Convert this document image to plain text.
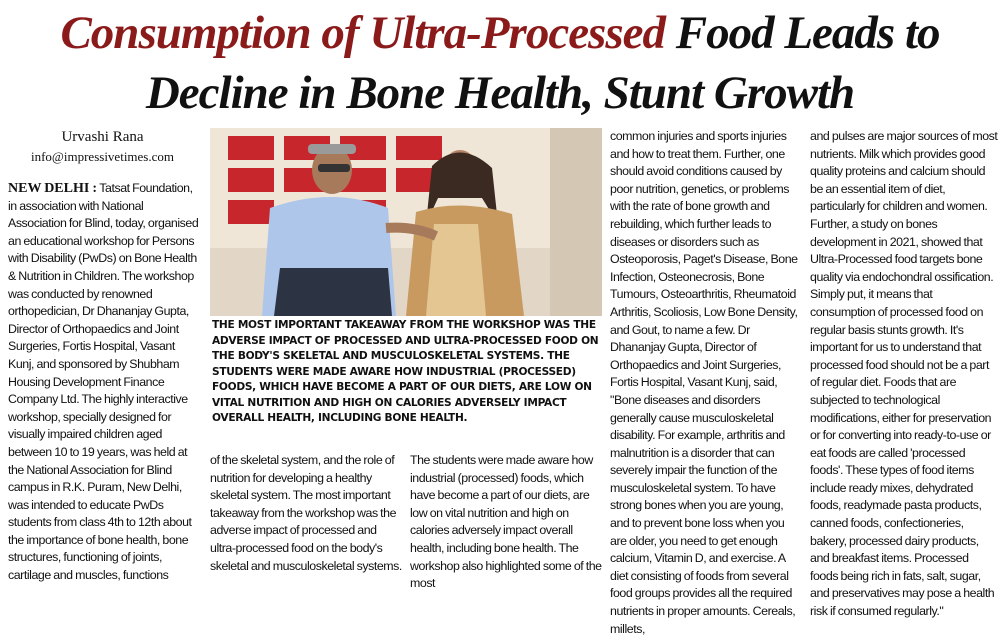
Consumption of Ultra-Processed Food Leads to
Decline in Bone Health, Stunt Growth
Urvashi Rana
info@impressivetimes.com

NEW DELHI : Tatsat Foundation, in association with National Association for Blind, today, organised an educational workshop for Persons with Disability (PwDs) on Bone Health & Nutrition in Children. The workshop was conducted by renowned orthopedician, Dr Dhananjay Gupta, Director of Orthopaedics and Joint Surgeries, Fortis Hospital, Vasant Kunj, and sponsored by Shubham Housing Development Finance Company Ltd. The highly interactive workshop, specially designed for visually impaired children aged between 10 to 19 years, was held at the National Association for Blind campus in R.K. Puram, New Delhi, was intended to educate PwDs students from class 4th to 12th about the importance of bone health, bone structures, functioning of joints, cartilage and muscles, functions

THE MOST IMPORTANT TAKEAWAY FROM THE WORKSHOP WAS THE ADVERSE IMPACT OF PROCESSED AND ULTRA-PROCESSED FOOD ON THE BODY'S SKELETAL AND MUSCULOSKELETAL SYSTEMS. THE STUDENTS WERE MADE AWARE HOW INDUSTRIAL (PROCESSED) FOODS, WHICH HAVE BECOME A PART OF OUR DIETS, ARE LOW ON VITAL NUTRITION AND HIGH ON CALORIES ADVERSELY IMPACT OVERALL HEALTH, INCLUDING BONE HEALTH.

of the skeletal system, and the role of nutrition for developing a healthy skeletal system. The most important takeaway from the workshop was the adverse impact of processed and ultra-processed food on the body's skeletal and musculoskeletal systems.

The students were made aware how industrial (processed) foods, which have become a part of our diets, are low on vital nutrition and high on calories adversely impact overall health, including bone health. The workshop also highlighted some of the most

common injuries and sports injuries and how to treat them. Further, one should avoid conditions caused by poor nutrition, genetics, or problems with the rate of bone growth and rebuilding, which further leads to diseases or disorders such as Osteoporosis, Paget's Disease, Bone Infection, Osteonecrosis, Bone Tumours, Osteoarthritis, Rheumatoid Arthritis, Scoliosis, Low Bone Density, and Gout, to name a few. Dr Dhananjay Gupta, Director of Orthopaedics and Joint Surgeries, Fortis Hospital, Vasant Kunj, said, "Bone diseases and disorders generally cause musculoskeletal disability. For example, arthritis and malnutrition is a disorder that can severely impair the function of the musculoskeletal system. To have strong bones when you are young, and to prevent bone loss when you are older, you need to get enough calcium, Vitamin D, and exercise. A diet consisting of foods from several food groups provides all the required nutrients in proper amounts. Cereals, millets,

and pulses are major sources of most nutrients. Milk which provides good quality proteins and calcium should be an essential item of diet, particularly for children and women. Further, a study on bones development in 2021, showed that Ultra-Processed food targets bone quality via endochondral ossification. Simply put, it means that consumption of processed food on regular basis stunts growth. It's important for us to understand that processed food should not be a part of regular diet. Foods that are subjected to technological modifications, either for preservation or for converting into ready-to-use or eat foods are called 'processed foods'. These types of food items include ready mixes, dehydrated foods, readymade pasta products, canned foods, confectioneries, bakery, processed dairy products, and breakfast items. Processed foods being rich in fats, salt, sugar, and preservatives may pose a health risk if consumed regularly."
